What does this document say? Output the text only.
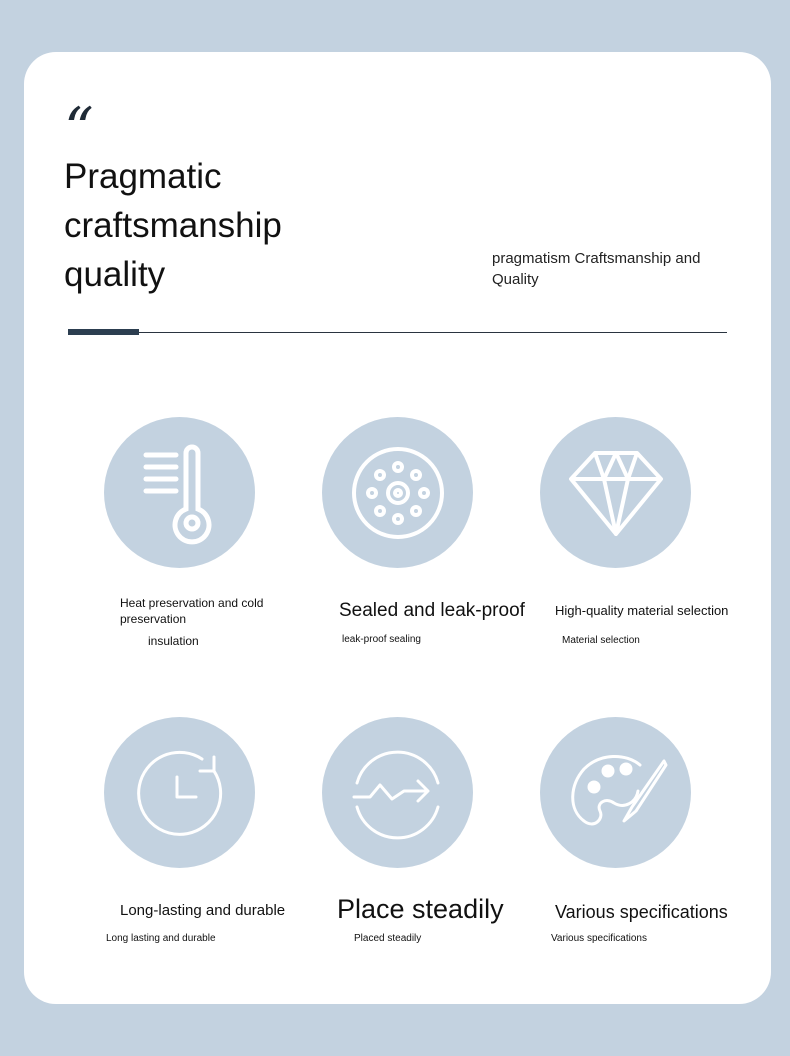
“
Pragmatic
craftsmanship
quality	pragmatism Craftsmanship and Quality
Heat preservation and cold preservation
insulation
Sealed and leak-proof
leak-proof sealing
High-quality material selection
Material selection
Long-lasting and durable
Long lasting and durable
Place steadily
Placed steadily
Various specifications
Various specifications
